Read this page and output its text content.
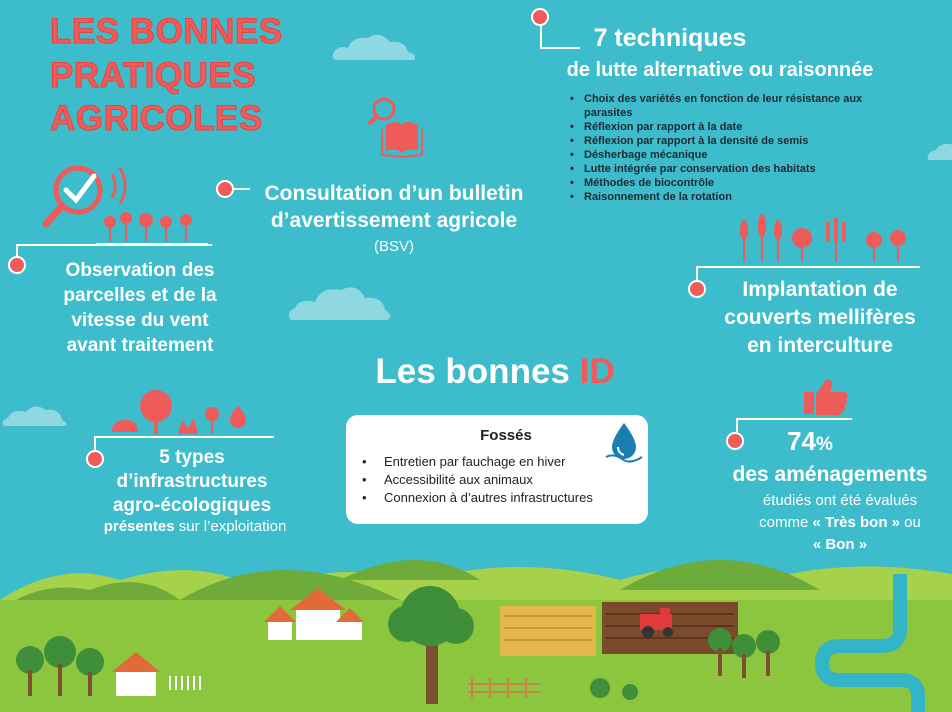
LES BONNES
PRATIQUES
AGRICOLES
7 techniques
de lutte alternative ou raisonnée
• Choix des variétés en fonction de leur résistance aux parasites
• Réflexion par rapport à la date
• Réflexion par rapport à la densité de semis
• Désherbage mécanique
• Lutte intégrée par conservation des habitats
• Méthodes de biocontrôle
• Raisonnement de la rotation
Consultation d’un bulletin
d’avertissement agricole
(BSV)
Observation des
parcelles et de la
vitesse du vent
avant traitement
Implantation de
couverts mellifères
en interculture
Les bonnes ID
Fossés
• Entretien par fauchage en hiver
• Accessibilité aux animaux
• Connexion à d’autres infrastructures
5 types
d’infrastructures
agro-écologiques
présentes sur l’exploitation
74%
des aménagements
étudiés ont été évalués
comme « Très bon » ou
« Bon »
